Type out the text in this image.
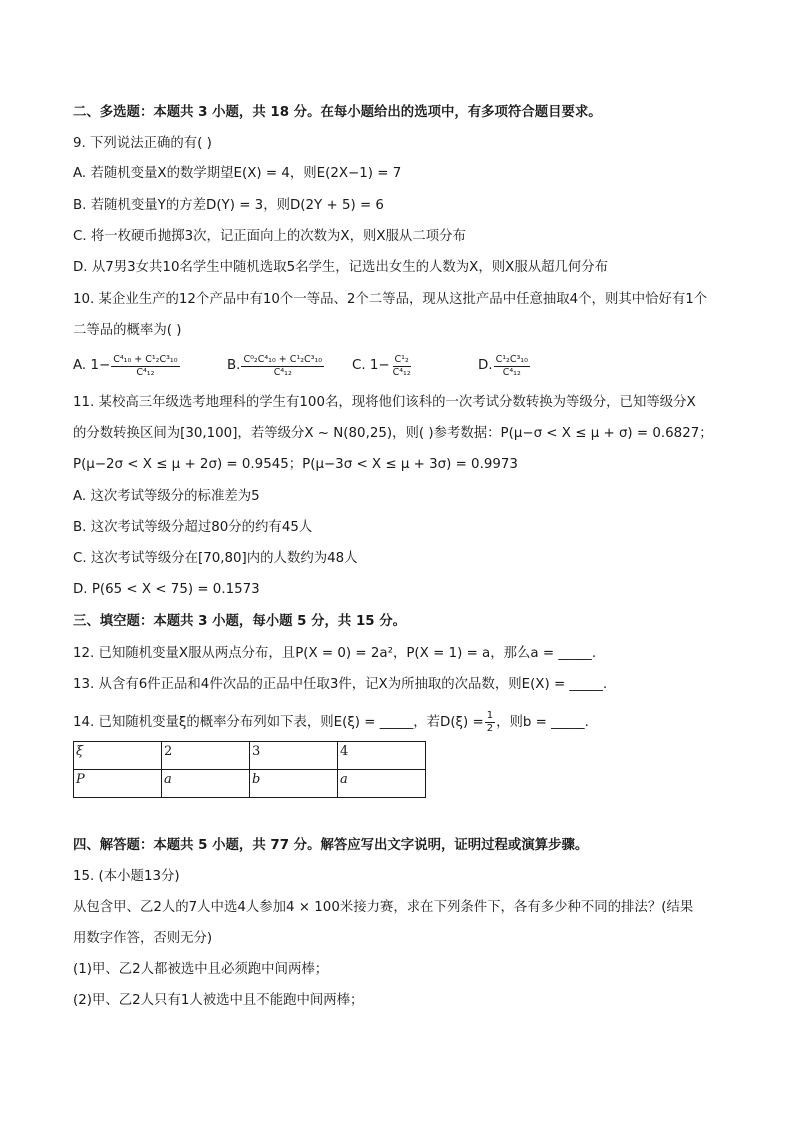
二、多选题：本题共 3 小题，共 18 分。在每小题给出的选项中，有多项符合题目要求。
9. 下列说法正确的有( )
A. 若随机变量X的数学期望E(X) = 4，则E(2X−1) = 7
B. 若随机变量Y的方差D(Y) = 3，则D(2Y + 5) = 6
C. 将一枚硬币抛掷3次，记正面向上的次数为X，则X服从二项分布
D. 从7男3女共10名学生中随机选取5名学生，记选出女生的人数为X，则X服从超几何分布
10. 某企业生产的12个产品中有10个一等品、2个二等品，现从这批产品中任意抽取4个，则其中恰好有1个
二等品的概率为( )
A. $1- \frac{\text{C⁴₁₀ + C¹₂C³₁₀}}{\text{C⁴₁₂}}$	B. $\frac{\text{C⁰₂C⁴₁₀ + C¹₂C³₁₀}}{\text{C⁴₁₂}} C$. $1- \frac{\text{C¹₂}}{\text{C⁴₁₂}}$	D. $\frac{\text{C¹₂C³₁₀}}{\text{C⁴₁₂}}$
11. 某校高三年级选考地理科的学生有100名，现将他们该科的一次考试分数转换为等级分，已知等级分X
的分数转换区间为[30,100]，若等级分X ~ N(80,25)，则( )参考数据：P(μ−σ < X ≤ μ + σ) = 0.6827；
P(μ−2σ < X ≤ μ + 2σ) = 0.9545；P(μ−3σ < X ≤ μ + 3σ) = 0.9973
A. 这次考试等级分的标准差为5
B. 这次考试等级分超过80分的约有45人
C. 这次考试等级分在[70,80]内的人数约为48人
D. P(65 < X < 75) = 0.1573
三、填空题：本题共 3 小题，每小题 5 分，共 15 分。
12. 已知随机变量X服从两点分布，且P(X = 0) = 2a²，P(X = 1) = a，那么a = _____.
13. 从含有6件正品和4件次品的正品中任取3件，记X为所抽取的次品数，则E(X) = _____.
14. 已知随机变量ξ的概率分布列如下表，则E(ξ) = _____，若$D(\xi) = \frac{1}{2}$ ，则b = _____.
ξ	2	3	4
P	a	b	a
四、解答题：本题共 5 小题，共 77 分。解答应写出文字说明，证明过程或演算步骤。
15. (本小题13分)
从包含甲、乙2人的7人中选4人参加4 × 100米接力赛，求在下列条件下，各有多少种不同的排法？(结果
用数字作答，否则无分)
(1)甲、乙2人都被选中且必须跑中间两棒；
(2)甲、乙2人只有1人被选中且不能跑中间两棒；
